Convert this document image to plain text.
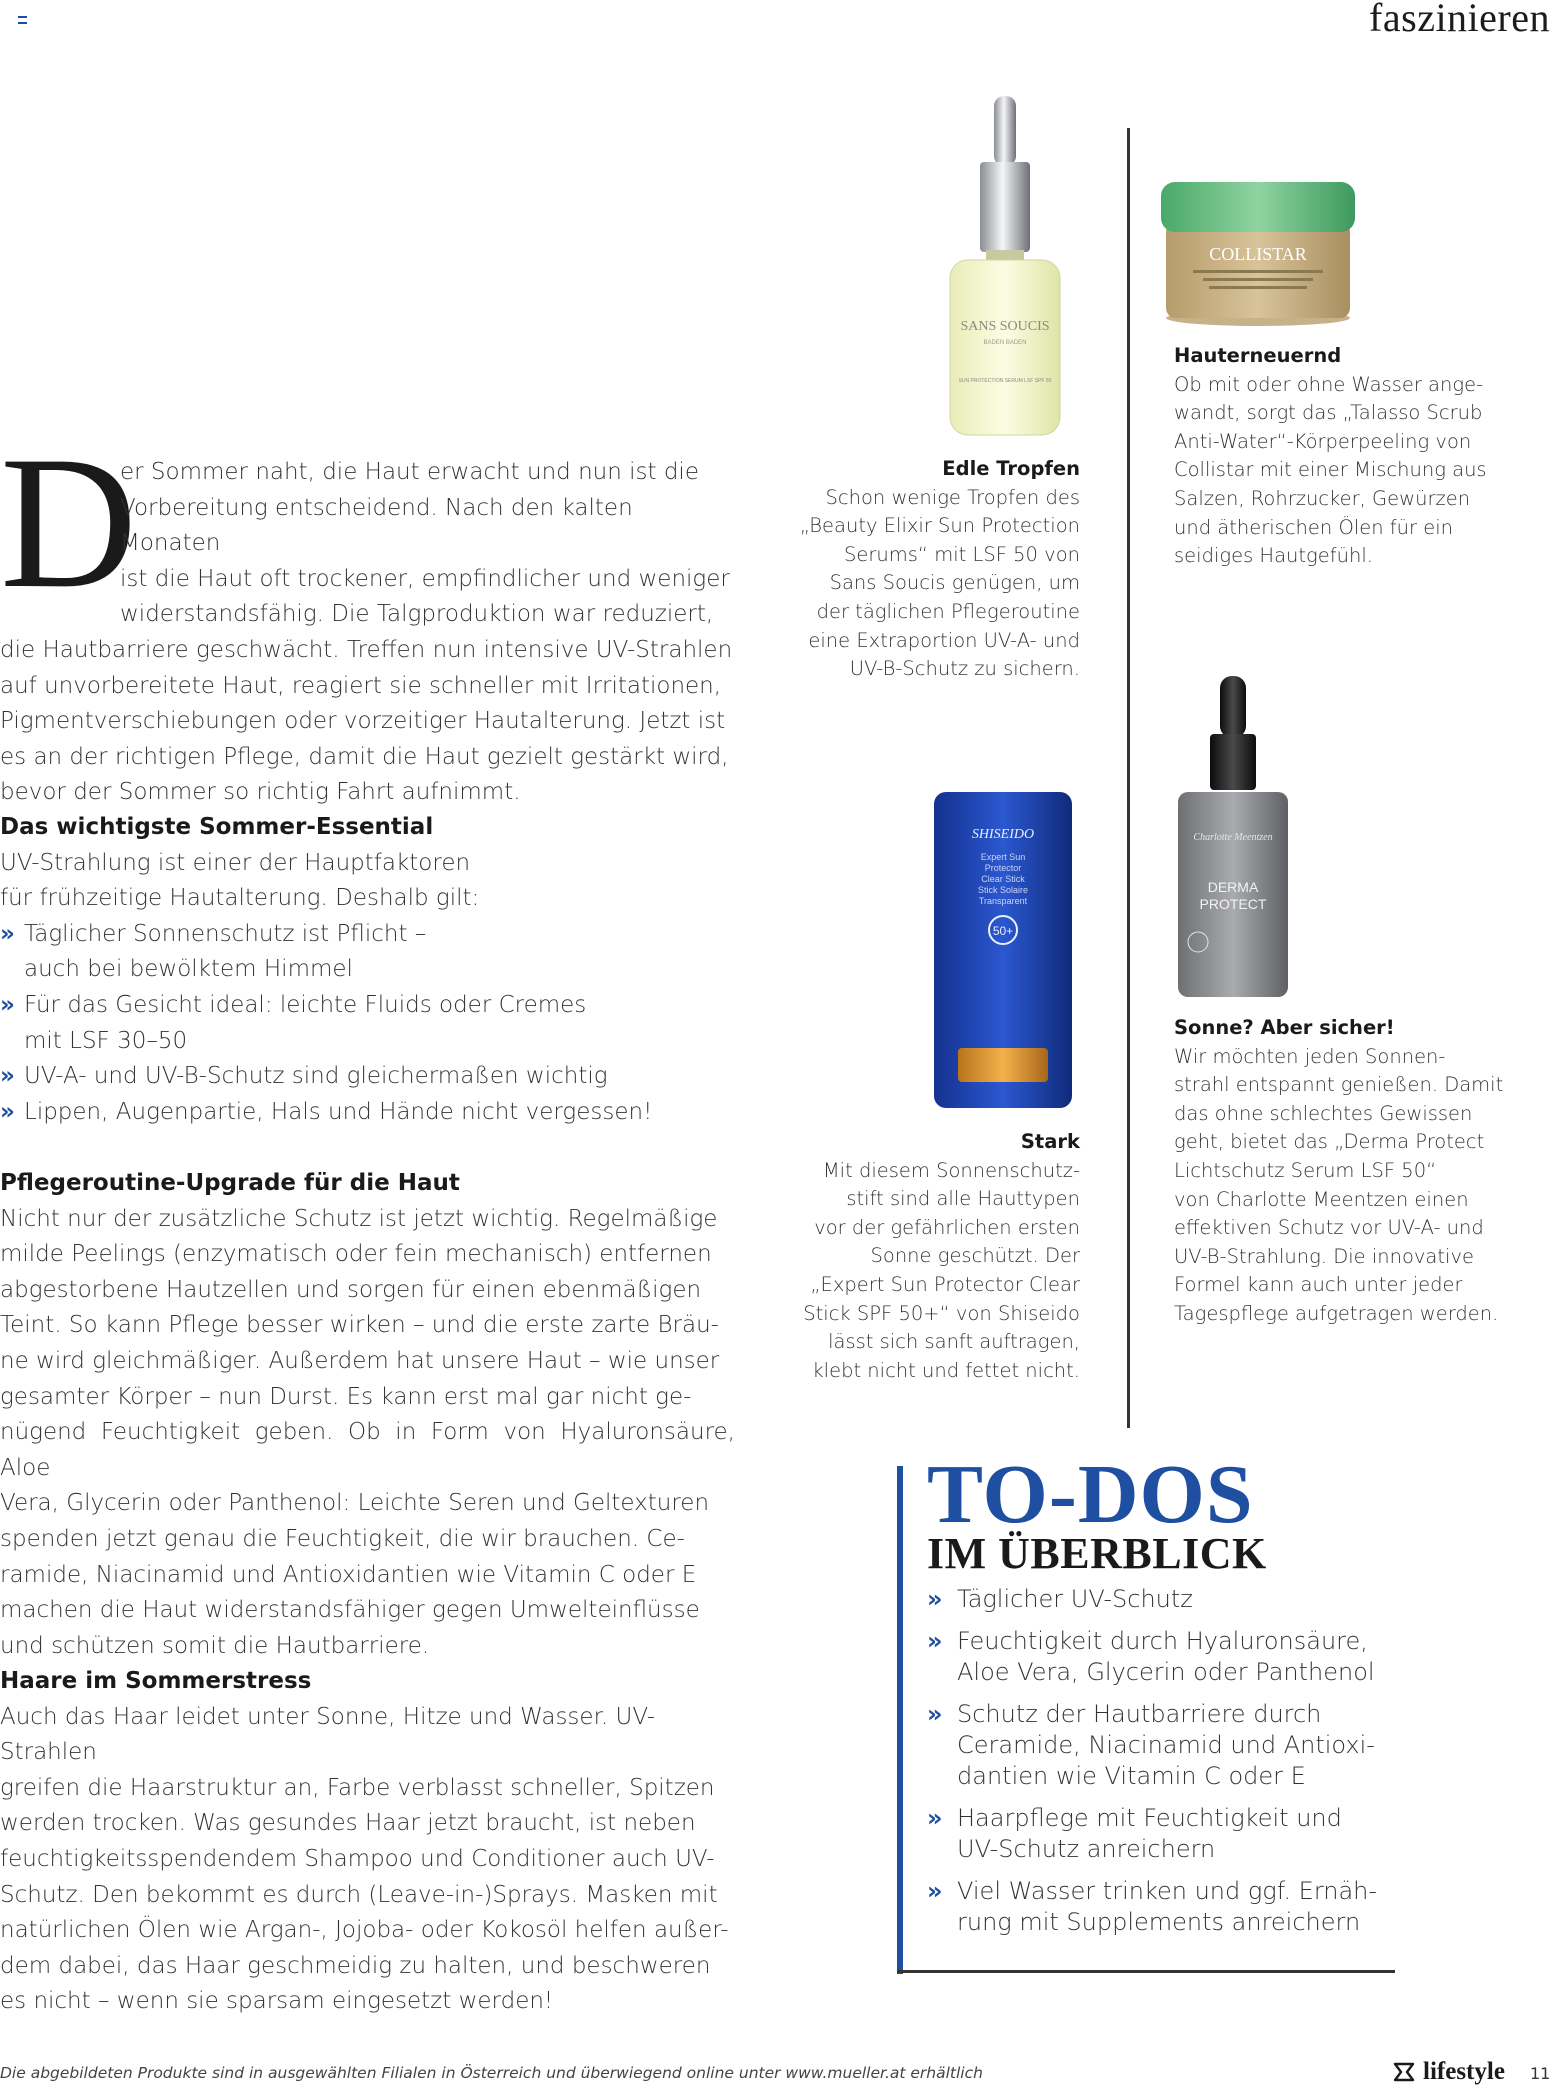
faszinieren
D

er Sommer naht, die Haut erwacht und nun ist die

Vorbereitung entscheidend. Nach den kalten Monaten

ist die Haut oft trockener, empfindlicher und weniger

widerstandsfähig. Die Talgproduktion war reduziert,

die Hautbarriere geschwächt. Treffen nun intensive UV-Strahlen

auf unvorbereitete Haut, reagiert sie schneller mit Irritationen,

Pigmentverschiebungen oder vorzeitiger Hautalterung. Jetzt ist

es an der richtigen Pflege, damit die Haut gezielt gestärkt wird,

bevor der Sommer so richtig Fahrt aufnimmt.

Das wichtigste Sommer-Essential

UV-Strahlung ist einer der Hauptfaktoren

für frühzeitige Hautalterung. Deshalb gilt:

» Täglicher Sonnenschutz ist Pflicht –

auch bei bewölktem Himmel

» Für das Gesicht ideal: leichte Fluids oder Cremes

mit LSF 30–50

» UV-A- und UV-B-Schutz sind gleichermaßen wichtig

» Lippen, Augenpartie, Hals und Hände nicht vergessen!

Pflegeroutine-Upgrade für die Haut

Nicht nur der zusätzliche Schutz ist jetzt wichtig. Regelmäßige

milde Peelings (enzymatisch oder fein mechanisch) entfernen

abgestorbene Hautzellen und sorgen für einen ebenmäßigen

Teint. So kann Pflege besser wirken – und die erste zarte Bräu-

ne wird gleichmäßiger. Außerdem hat unsere Haut – wie unser

gesamter Körper – nun Durst. Es kann erst mal gar nicht ge-

nügend Feuchtigkeit geben. Ob in Form von Hyaluronsäure, Aloe

Vera, Glycerin oder Panthenol: Leichte Seren und Geltexturen

spenden jetzt genau die Feuchtigkeit, die wir brauchen. Ce-

ramide, Niacinamid und Antioxidantien wie Vitamin C oder E

machen die Haut widerstandsfähiger gegen Umwelteinflüsse

und schützen somit die Hautbarriere.

Haare im Sommerstress

Auch das Haar leidet unter Sonne, Hitze und Wasser. UV-Strahlen

greifen die Haarstruktur an, Farbe verblasst schneller, Spitzen

werden trocken. Was gesundes Haar jetzt braucht, ist neben

feuchtigkeitsspendendem Shampoo und Conditioner auch UV-

Schutz. Den bekommt es durch (Leave-in-)Sprays. Masken mit

natürlichen Ölen wie Argan-, Jojoba- oder Kokosöl helfen außer-

dem dabei, das Haar geschmeidig zu halten, und beschweren

es nicht – wenn sie sparsam eingesetzt werden!

SANS SOUCIS
BADEN BADEN
SUN PROTECTION SERUM LSF SPF 50
COLLISTAR
Edle Tropfen
Schon wenige Tropfen des
„Beauty Elixir Sun Protection
Serums“ mit LSF 50 von
Sans Soucis genügen, um
der täglichen Pflegeroutine
eine Extraportion UV-A- und
UV-B-Schutz zu sichern.
Hauterneuernd
Ob mit oder ohne Wasser ange-
wandt, sorgt das „Talasso Scrub
Anti-Water“-Körperpeeling von
Collistar mit einer Mischung aus
Salzen, Rohrzucker, Gewürzen
und ätherischen Ölen für ein
seidiges Hautgefühl.
SHISEIDO
Expert Sun
Protector
Clear Stick
Stick Solaire
Transparent
50+
Stark
Mit diesem Sonnenschutz-
stift sind alle Hauttypen
vor der gefährlichen ersten
Sonne geschützt. Der
„Expert Sun Protector Clear
Stick SPF 50+“ von Shiseido
lässt sich sanft auftragen,
klebt nicht und fettet nicht.
Charlotte Meentzen
DERMA
PROTECT
Sonne? Aber sicher!
Wir möchten jeden Sonnen-
strahl entspannt genießen. Damit
das ohne schlechtes Gewissen
geht, bietet das „Derma Protect
Lichtschutz Serum LSF 50“
von Charlotte Meentzen einen
effektiven Schutz vor UV-A- und
UV-B-Strahlung. Die innovative
Formel kann auch unter jeder
Tagespflege aufgetragen werden.
TO-DOS
IM ÜBERBLICK
» Täglicher UV-Schutz
» Feuchtigkeit durch Hyaluronsäure,
Aloe Vera, Glycerin oder Panthenol
» Schutz der Hautbarriere durch
Ceramide, Niacinamid und Antioxi-
dantien wie Vitamin C oder E
» Haarpflege mit Feuchtigkeit und
UV-Schutz anreichern
» Viel Wasser trinken und ggf. Ernäh-
rung mit Supplements anreichern
Die abgebildeten Produkte sind in ausgewählten Filialen in Österreich und überwiegend online unter www.mueller.at erhältlich	lifestyle 11
